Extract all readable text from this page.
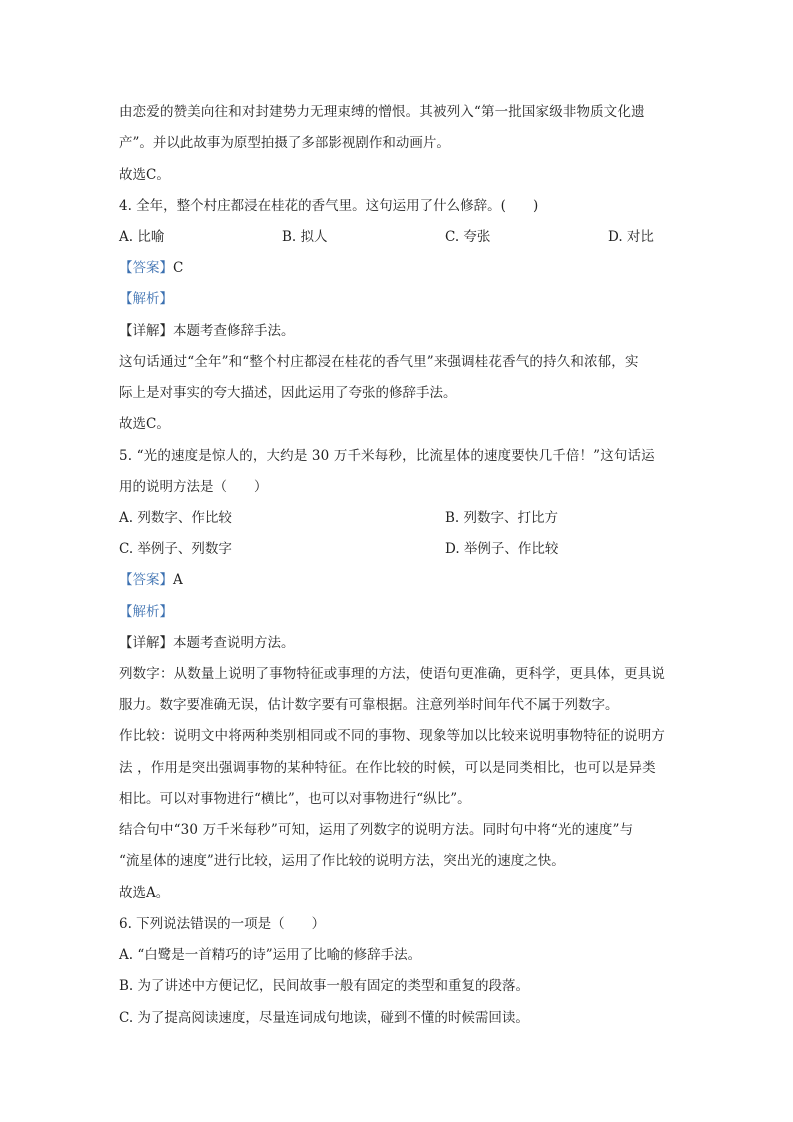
由恋爱的赞美向往和对封建势力无理束缚的憎恨。其被列入“第一批国家级非物质文化遗
产”。并以此故事为原型拍摄了多部影视剧作和动画片。
故选C。
4. 全年，整个村庄都浸在桂花的香气里。这句运用了什么修辞。(　　)
A. 比喻	B. 拟人	C. 夸张	D. 对比
【答案】C
【解析】
【详解】本题考查修辞手法。
这句话通过“全年”和“整个村庄都浸在桂花的香气里”来强调桂花香气的持久和浓郁，实
际上是对事实的夸大描述，因此运用了夸张的修辞手法。
故选C。
5. “光的速度是惊人的，大约是 30 万千米每秒，比流星体的速度要快几千倍！”这句话运
用的说明方法是（　　）
A. 列数字、作比较	B. 列数字、打比方
C. 举例子、列数字	D. 举例子、作比较
【答案】A
【解析】
【详解】本题考查说明方法。
列数字：从数量上说明了事物特征或事理的方法，使语句更准确，更科学，更具体，更具说
服力。数字要准确无误，估计数字要有可靠根据。注意列举时间年代不属于列数字。
作比较：说明文中将两种类别相同或不同的事物、现象等加以比较来说明事物特征的说明方
法 ，作用是突出强调事物的某种特征。在作比较的时候，可以是同类相比，也可以是异类
相比。可以对事物进行“横比”，也可以对事物进行“纵比”。
结合句中“30 万千米每秒”可知，运用了列数字的说明方法。同时句中将“光的速度”与
“流星体的速度”进行比较，运用了作比较的说明方法，突出光的速度之快。
故选A。
6. 下列说法错误的一项是（　　）
A. “白鹭是一首精巧的诗”运用了比喻的修辞手法。
B. 为了讲述中方便记忆，民间故事一般有固定的类型和重复的段落。
C. 为了提高阅读速度，尽量连词成句地读，碰到不懂的时候需回读。
